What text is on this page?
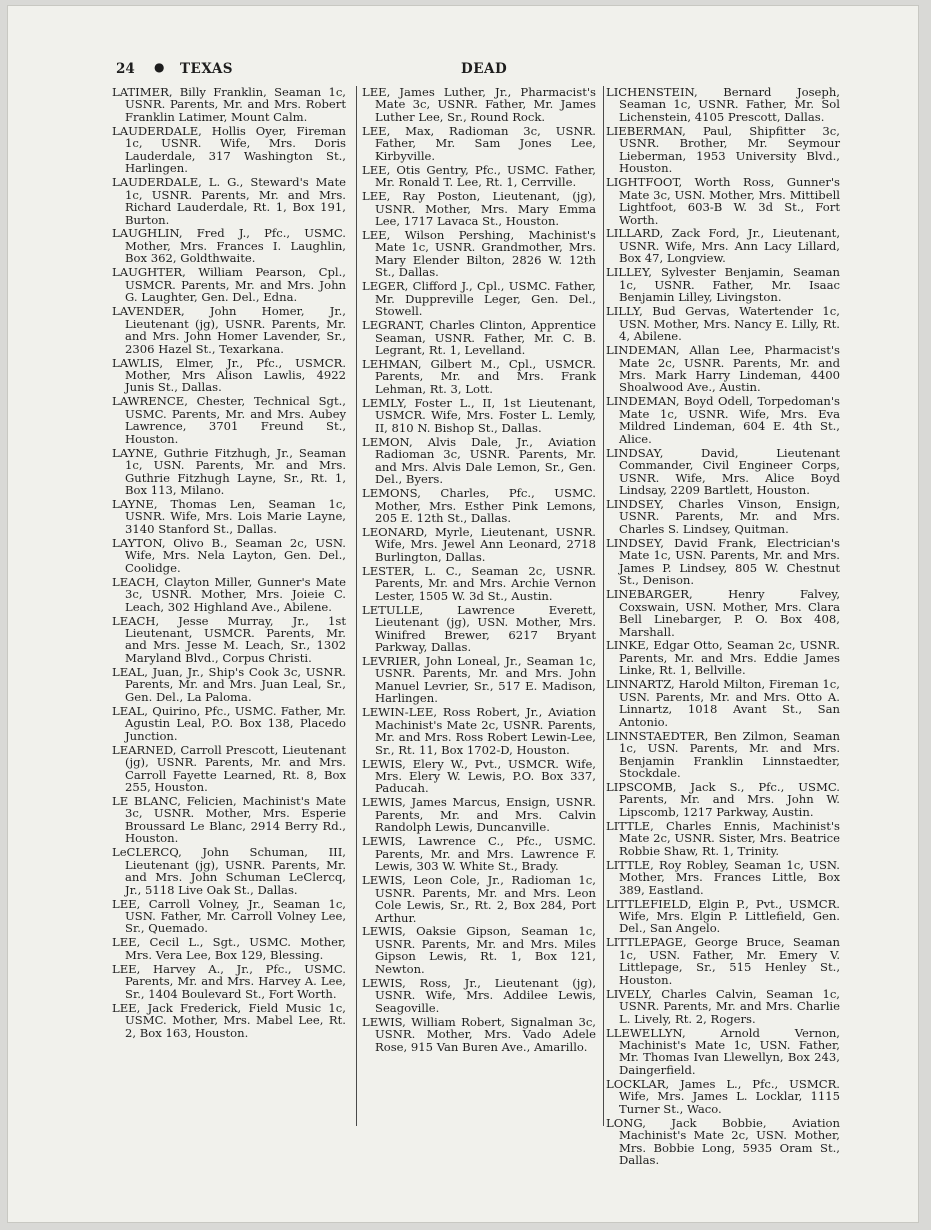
24 ● TEXAS	DEAD

LATIMER, Billy Franklin, Seaman 1c, USNR. Parents, Mr. and Mrs. Robert Franklin Latimer, Mount Calm.

LAUDERDALE, Hollis Oyer, Fireman 1c, USNR. Wife, Mrs. Doris Lauderdale, 317 Washington St., Harlingen.

LAUDERDALE, L. G., Steward's Mate 1c, USNR. Parents, Mr. and Mrs. Richard Lauderdale, Rt. 1, Box 191, Burton.

LAUGHLIN, Fred J., Pfc., USMC. Mother, Mrs. Frances I. Laughlin, Box 362, Goldthwaite.

LAUGHTER, William Pearson, Cpl., USMCR. Parents, Mr. and Mrs. John G. Laughter, Gen. Del., Edna.

LAVENDER, John Homer, Jr., Lieutenant (jg), USNR. Parents, Mr. and Mrs. John Homer Lavender, Sr., 2306 Hazel St., Texarkana.

LAWLIS, Elmer, Jr., Pfc., USMCR. Mother, Mrs Alison Lawlis, 4922 Junis St., Dallas.

LAWRENCE, Chester, Technical Sgt., USMC. Parents, Mr. and Mrs. Aubey Lawrence, 3701 Freund St., Houston.

LAYNE, Guthrie Fitzhugh, Jr., Seaman 1c, USN. Parents, Mr. and Mrs. Guthrie Fitzhugh Layne, Sr., Rt. 1, Box 113, Milano.

LAYNE, Thomas Len, Seaman 1c, USNR. Wife, Mrs. Lois Marie Layne, 3140 Stanford St., Dallas.

LAYTON, Olivo B., Seaman 2c, USN. Wife, Mrs. Nela Layton, Gen. Del., Coolidge.

LEACH, Clayton Miller, Gunner's Mate 3c, USNR. Mother, Mrs. Joieie C. Leach, 302 Highland Ave., Abilene.

LEACH, Jesse Murray, Jr., 1st Lieutenant, USMCR. Parents, Mr. and Mrs. Jesse M. Leach, Sr., 1302 Maryland Blvd., Corpus Christi.

LEAL, Juan, Jr., Ship's Cook 3c, USNR. Parents, Mr. and Mrs. Juan Leal, Sr., Gen. Del., La Paloma.

LEAL, Quirino, Pfc., USMC. Father, Mr. Agustin Leal, P.O. Box 138, Placedo Junction.

LEARNED, Carroll Prescott, Lieutenant (jg), USNR. Parents, Mr. and Mrs. Carroll Fayette Learned, Rt. 8, Box 255, Houston.

LE BLANC, Felicien, Machinist's Mate 3c, USNR. Mother, Mrs. Esperie Broussard Le Blanc, 2914 Berry Rd., Houston.

LeCLERCQ, John Schuman, III, Lieutenant (jg), USNR. Parents, Mr. and Mrs. John Schuman LeClercq, Jr., 5118 Live Oak St., Dallas.

LEE, Carroll Volney, Jr., Seaman 1c, USN. Father, Mr. Carroll Volney Lee, Sr., Quemado.

LEE, Cecil L., Sgt., USMC. Mother, Mrs. Vera Lee, Box 129, Blessing.

LEE, Harvey A., Jr., Pfc., USMC. Parents, Mr. and Mrs. Harvey A. Lee, Sr., 1404 Boulevard St., Fort Worth.

LEE, Jack Frederick, Field Music 1c, USMC. Mother, Mrs. Mabel Lee, Rt. 2, Box 163, Houston.

LEE, James Luther, Jr., Pharmacist's Mate 3c, USNR. Father, Mr. James Luther Lee, Sr., Round Rock.

LEE, Max, Radioman 3c, USNR. Father, Mr. Sam Jones Lee, Kirbyville.

LEE, Otis Gentry, Pfc., USMC. Father, Mr. Ronald T. Lee, Rt. 1, Cerrville.

LEE, Ray Poston, Lieutenant, (jg), USNR. Mother, Mrs. Mary Emma Lee, 1717 Lavaca St., Houston.

LEE, Wilson Pershing, Machinist's Mate 1c, USNR. Grandmother, Mrs. Mary Elender Bilton, 2826 W. 12th St., Dallas.

LEGER, Clifford J., Cpl., USMC. Father, Mr. Duppreville Leger, Gen. Del., Stowell.

LEGRANT, Charles Clinton, Apprentice Seaman, USNR. Father, Mr. C. B. Legrant, Rt. 1, Levelland.

LEHMAN, Gilbert M., Cpl., USMCR. Parents, Mr. and Mrs. Frank Lehman, Rt. 3, Lott.

LEMLY, Foster L., II, 1st Lieutenant, USMCR. Wife, Mrs. Foster L. Lemly, II, 810 N. Bishop St., Dallas.

LEMON, Alvis Dale, Jr., Aviation Radioman 3c, USNR. Parents, Mr. and Mrs. Alvis Dale Lemon, Sr., Gen. Del., Byers.

LEMONS, Charles, Pfc., USMC. Mother, Mrs. Esther Pink Lemons, 205 E. 12th St., Dallas.

LEONARD, Myrle, Lieutenant, USNR. Wife, Mrs. Jewel Ann Leonard, 2718 Burlington, Dallas.

LESTER, L. C., Seaman 2c, USNR. Parents, Mr. and Mrs. Archie Vernon Lester, 1505 W. 3d St., Austin.

LETULLE, Lawrence Everett, Lieutenant (jg), USN. Mother, Mrs. Winifred Brewer, 6217 Bryant Parkway, Dallas.

LEVRIER, John Loneal, Jr., Seaman 1c, USNR. Parents, Mr. and Mrs. John Manuel Levrier, Sr., 517 E. Madison, Harlingen.

LEWIN-LEE, Ross Robert, Jr., Aviation Machinist's Mate 2c, USNR. Parents, Mr. and Mrs. Ross Robert Lewin-Lee, Sr., Rt. 11, Box 1702-D, Houston.

LEWIS, Elery W., Pvt., USMCR. Wife, Mrs. Elery W. Lewis, P.O. Box 337, Paducah.

LEWIS, James Marcus, Ensign, USNR. Parents, Mr. and Mrs. Calvin Randolph Lewis, Duncanville.

LEWIS, Lawrence C., Pfc., USMC. Parents, Mr. and Mrs. Lawrence F. Lewis, 303 W. White St., Brady.

LEWIS, Leon Cole, Jr., Radioman 1c, USNR. Parents, Mr. and Mrs. Leon Cole Lewis, Sr., Rt. 2, Box 284, Port Arthur.

LEWIS, Oaksie Gipson, Seaman 1c, USNR. Parents, Mr. and Mrs. Miles Gipson Lewis, Rt. 1, Box 121, Newton.

LEWIS, Ross, Jr., Lieutenant (jg), USNR. Wife, Mrs. Addilee Lewis, Seagoville.

LEWIS, William Robert, Signalman 3c, USNR. Mother, Mrs. Vado Adele Rose, 915 Van Buren Ave., Amarillo.

LICHENSTEIN, Bernard Joseph, Seaman 1c, USNR. Father, Mr. Sol Lichenstein, 4105 Prescott, Dallas.

LIEBERMAN, Paul, Shipfitter 3c, USNR. Brother, Mr. Seymour Lieberman, 1953 University Blvd., Houston.

LIGHTFOOT, Worth Ross, Gunner's Mate 3c, USN. Mother, Mrs. Mittibell Lightfoot, 603-B W. 3d St., Fort Worth.

LILLARD, Zack Ford, Jr., Lieutenant, USNR. Wife, Mrs. Ann Lacy Lillard, Box 47, Longview.

LILLEY, Sylvester Benjamin, Seaman 1c, USNR. Father, Mr. Isaac Benjamin Lilley, Livingston.

LILLY, Bud Gervas, Watertender 1c, USN. Mother, Mrs. Nancy E. Lilly, Rt. 4, Abilene.

LINDEMAN, Allan Lee, Pharmacist's Mate 2c, USNR. Parents, Mr. and Mrs. Mark Harry Lindeman, 4400 Shoalwood Ave., Austin.

LINDEMAN, Boyd Odell, Torpedoman's Mate 1c, USNR. Wife, Mrs. Eva Mildred Lindeman, 604 E. 4th St., Alice.

LINDSAY, David, Lieutenant Commander, Civil Engineer Corps, USNR. Wife, Mrs. Alice Boyd Lindsay, 2209 Bartlett, Houston.

LINDSEY, Charles Vinson, Ensign, USNR. Parents, Mr. and Mrs. Charles S. Lindsey, Quitman.

LINDSEY, David Frank, Electrician's Mate 1c, USN. Parents, Mr. and Mrs. James P. Lindsey, 805 W. Chestnut St., Denison.

LINEBARGER, Henry Falvey, Coxswain, USN. Mother, Mrs. Clara Bell Linebarger, P. O. Box 408, Marshall.

LINKE, Edgar Otto, Seaman 2c, USNR. Parents, Mr. and Mrs. Eddie James Linke, Rt. 1, Bellville.

LINNARTZ, Harold Milton, Fireman 1c, USN. Parents, Mr. and Mrs. Otto A. Linnartz, 1018 Avant St., San Antonio.

LINNSTAEDTER, Ben Zilmon, Seaman 1c, USN. Parents, Mr. and Mrs. Benjamin Franklin Linnstaedter, Stockdale.

LIPSCOMB, Jack S., Pfc., USMC. Parents, Mr. and Mrs. John W. Lipscomb, 1217 Parkway, Austin.

LITTLE, Charles Ennis, Machinist's Mate 2c, USNR. Sister, Mrs. Beatrice Robbie Shaw, Rt. 1, Trinity.

LITTLE, Roy Robley, Seaman 1c, USN. Mother, Mrs. Frances Little, Box 389, Eastland.

LITTLEFIELD, Elgin P., Pvt., USMCR. Wife, Mrs. Elgin P. Littlefield, Gen. Del., San Angelo.

LITTLEPAGE, George Bruce, Seaman 1c, USN. Father, Mr. Emery V. Littlepage, Sr., 515 Henley St., Houston.

LIVELY, Charles Calvin, Seaman 1c, USNR. Parents, Mr. and Mrs. Charlie L. Lively, Rt. 2, Rogers.

LLEWELLYN, Arnold Vernon, Machinist's Mate 1c, USN. Father, Mr. Thomas Ivan Llewellyn, Box 243, Daingerfield.

LOCKLAR, James L., Pfc., USMCR. Wife, Mrs. James L. Locklar, 1115 Turner St., Waco.

LONG, Jack Bobbie, Aviation Machinist's Mate 2c, USN. Mother, Mrs. Bobbie Long, 5935 Oram St., Dallas.
